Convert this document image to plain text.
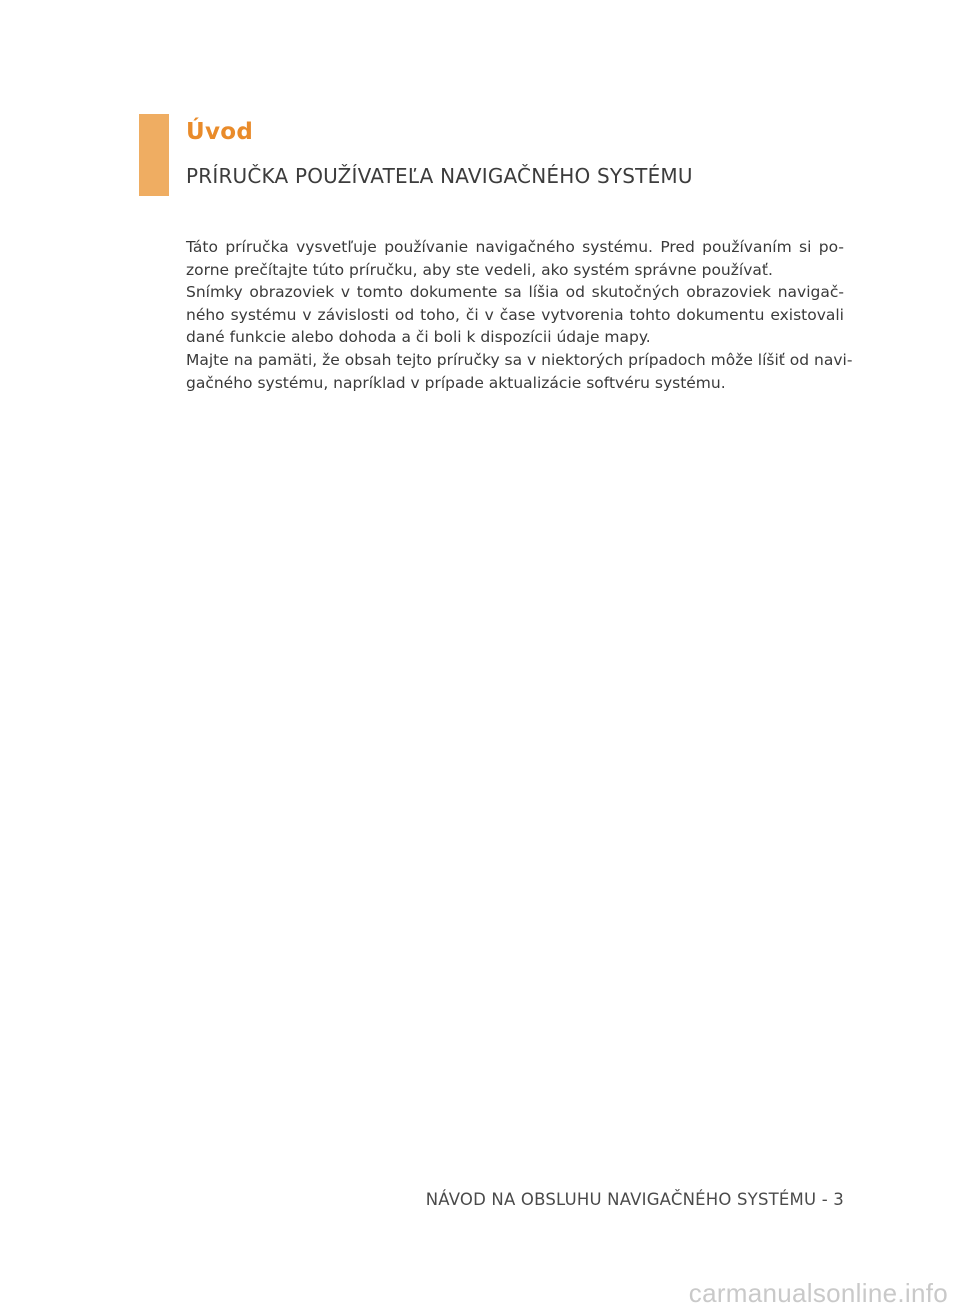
Úvod
PRÍRUČKA POUŽÍVATEĽA NAVIGAČNÉHO SYSTÉMU
Táto príručka vysvetľuje používanie navigačného systému. Pred používaním si po-
zorne prečítajte túto príručku, aby ste vedeli, ako systém správne používať.
Snímky obrazoviek v tomto dokumente sa líšia od skutočných obrazoviek navigač-
ného systému v závislosti od toho, či v čase vytvorenia tohto dokumentu existovali
dané funkcie alebo dohoda a či boli k dispozícii údaje mapy.
Majte na pamäti, že obsah tejto príručky sa v niektorých prípadoch môže líšiť od navi-
gačného systému, napríklad v prípade aktualizácie softvéru systému.
NÁVOD NA OBSLUHU NAVIGAČNÉHO SYSTÉMU - 3
carmanualsonline.info
